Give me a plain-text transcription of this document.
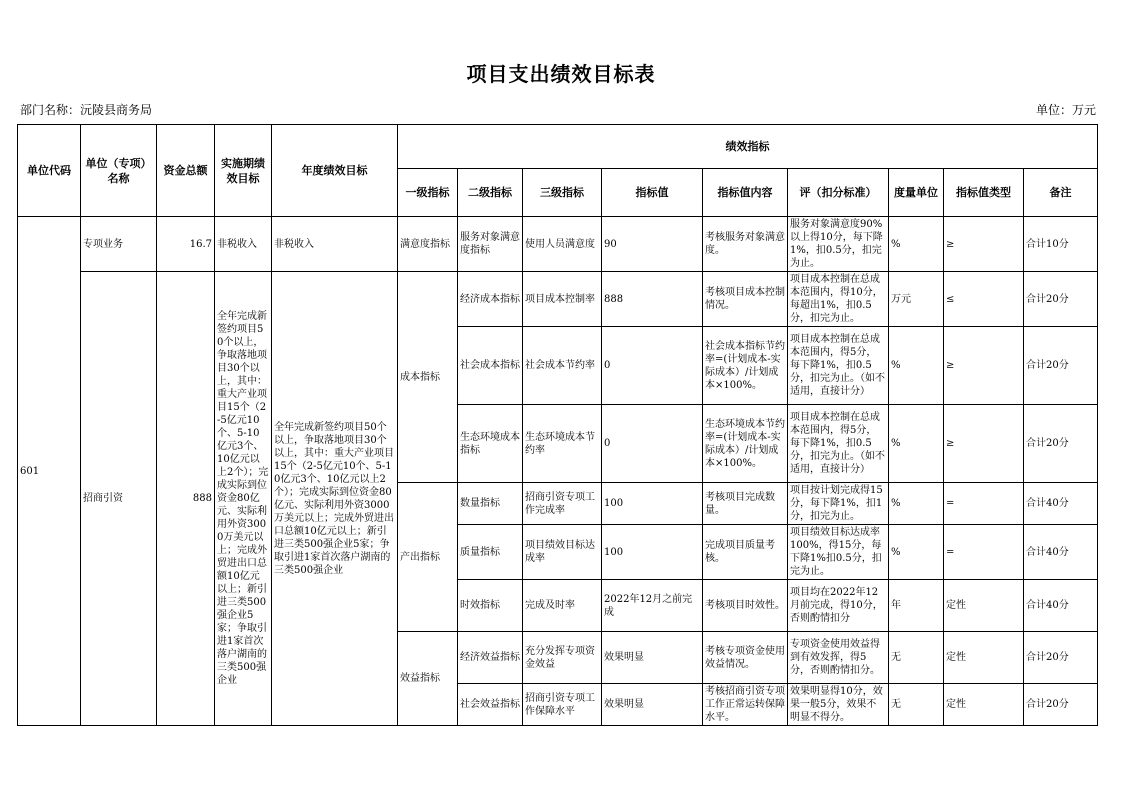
项目支出绩效目标表
部门名称：沅陵县商务局	单位：万元
单位代码	单位（专项）名称	资金总额	实施期绩效目标	年度绩效目标	绩效指标								
					一级指标	二级指标	三级指标	指标值	指标值内容	评（扣分标准）	度量单位	指标值类型	备注
601	专项业务	16.7	非税收入	非税收入	满意度指标	服务对象满意度指标	使用人员满意度	90	考核服务对象满意度。	服务对象满意度90%以上得10分，每下降1%，扣0.5分，扣完为止。	%	≥	合计10分
	招商引资	888	全年完成新签约项目50个以上，争取落地项目30个以上，其中：重大产业项目15个（2-5亿元10个、5-10亿元3个、10亿元以上2个）；完成实际到位资金80亿元、实际利用外资3000万美元以上；完成外贸进出口总额10亿元以上；新引进三类500强企业5家；争取引进1家首次落户湖南的三类500强企业	全年完成新签约项目50个以上，争取落地项目30个以上，其中：重大产业项目15个（2-5亿元10个、5-10亿元3个、10亿元以上2个）；完成实际到位资金80亿元、实际利用外资3000万美元以上；完成外贸进出口总额10亿元以上；新引进三类500强企业5家；争取引进1家首次落户湖南的三类500强企业	成本指标	经济成本指标	项目成本控制率	888	考核项目成本控制情况。	项目成本控制在总成本范围内，得10分，每超出1%，扣0.5分，扣完为止。	万元	≤	合计20分
						社会成本指标	社会成本节约率	0	社会成本指标节约率=(计划成本-实际成本）/计划成本×100%。	项目成本控制在总成本范围内，得5分，每下降1%，扣0.5分，扣完为止。（如不适用，直接计分）	%	≥	合计20分
						生态环境成本指标	生态环境成本节约率	0	生态环境成本节约率=(计划成本-实际成本）/计划成本×100%。	项目成本控制在总成本范围内，得5分，每下降1%，扣0.5分，扣完为止。（如不适用，直接计分）	%	≥	合计20分
					产出指标	数量指标	招商引资专项工作完成率	100	考核项目完成数量。	项目按计划完成得15分，每下降1%，扣1分，扣完为止。	%	=	合计40分
						质量指标	项目绩效目标达成率	100	完成项目质量考核。	项目绩效目标达成率100%，得15分，每下降1%扣0.5分，扣完为止。	%	=	合计40分
						时效指标	完成及时率	2022年12月之前完成	考核项目时效性。	项目均在2022年12月前完成，得10分，否则酌情扣分	年	定性	合计40分
					效益指标	经济效益指标	充分发挥专项资金效益	效果明显	考核专项资金使用效益情况。	专项资金使用效益得到有效发挥，得5分，否则酌情扣分。	无	定性	合计20分
						社会效益指标	招商引资专项工作保障水平	效果明显	考核招商引资专项工作正常运转保障水平。	效果明显得10分，效果一般5分，效果不明显不得分。	无	定性	合计20分
